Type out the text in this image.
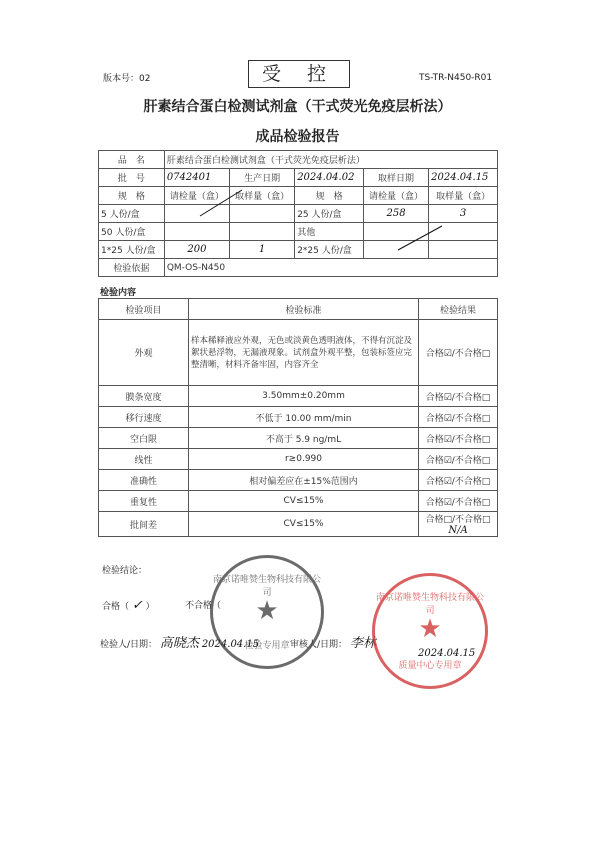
版本号：02	受 控	TS-TR-N450-R01
肝素结合蛋白检测试剂盒（干式荧光免疫层析法）
成品检验报告
品　名	肝素结合蛋白检测试剂盒（干式荧光免疫层析法）				
批　号	0742401	生产日期	2024.04.02	取样日期	2024.04.15
规　格	请检量（盒）	取样量（盒）	规　格	请检量（盒）	取样量（盒）
5 人份/盒			25 人份/盒	258	3
50 人份/盒			其他		
1*25 人份/盒	200	1	2*25 人份/盒		
检验依据	QM-OS-N450				
检验内容
检验项目	检验标准	检验结果
外观	样本稀释液应外观，无色或淡黄色透明液体，不得有沉淀及絮状悬浮物，无漏液现象。试剂盒外观平整，包装标签应完整清晰，材料齐备牢固，内容齐全	合格☑/不合格□
膜条宽度	3.50mm±0.20mm	合格☑/不合格□
移行速度	不低于 10.00 mm/min	合格☑/不合格□
空白限	不高于 5.9 ng/mL	合格☑/不合格□
线性	r≥0.990	合格☑/不合格□
准确性	相对偏差应在±15%范围内	合格☑/不合格□
重复性	CV≤15%	合格☑/不合格□
批间差	CV≤15%	合格□/不合格□ N/A
检验结论：
合格（ ✓ ）	不合格（
检验人/日期： 高晓杰 2024.04.15	审核人/日期： 李林
2024.04.15
南京诺唯赞生物科技有限公司
★
检验专用章
南京诺唯赞生物科技有限公司
★
质量中心专用章
